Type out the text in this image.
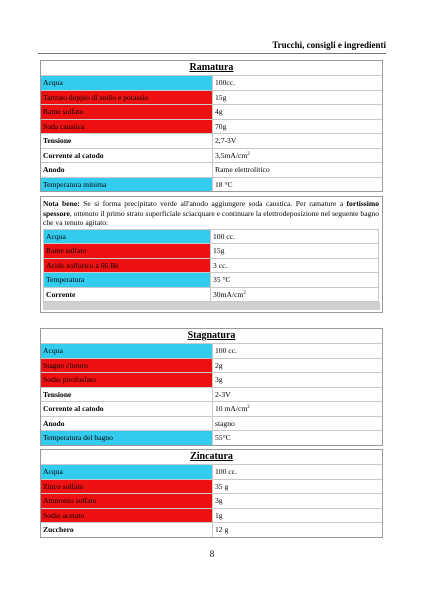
Trucchi, consigli e ingredienti
Ramatura
Acqua	100cc.
Tartrato doppio di sodio e potassio	15g
Rame solfato	4g
Soda caustica	70g
Tensione	2,7-3V
Corrente al catodo	$3,5mA/cm^2$
Anodo	Rame elettrolitico
Temperatura minima	18 °C
Nota bene: Se si forma precipitato verde all'anodo aggiungere soda caustica. Per ramature a fortissimo spessore, ottenuto il primo strato superficiale sciacquare e continuare la elettrodeposizione nel seguente bagno che va tenuto agitato:
Acqua	100 cc.
Rame solfato	15g
Acido solforico a 66 Bè	3 cc.
Temperatura	35 °C
Corrente	$30mA/cm^2$
Stagnatura
Acqua	100 cc.
Stagno cloruro	2g
Sodio pirofosfato	3g
Tensione	2-3V
Corrente al catodo	10 $mA/cm^2$
Anodo	stagno
Temperatura del bagno	55°C
Zincatura
Acqua	100 cc.
Zinco solfato	35 g
Ammonio solfato	3g
Sodio acetato	1g
Zucchero	12 g
8
